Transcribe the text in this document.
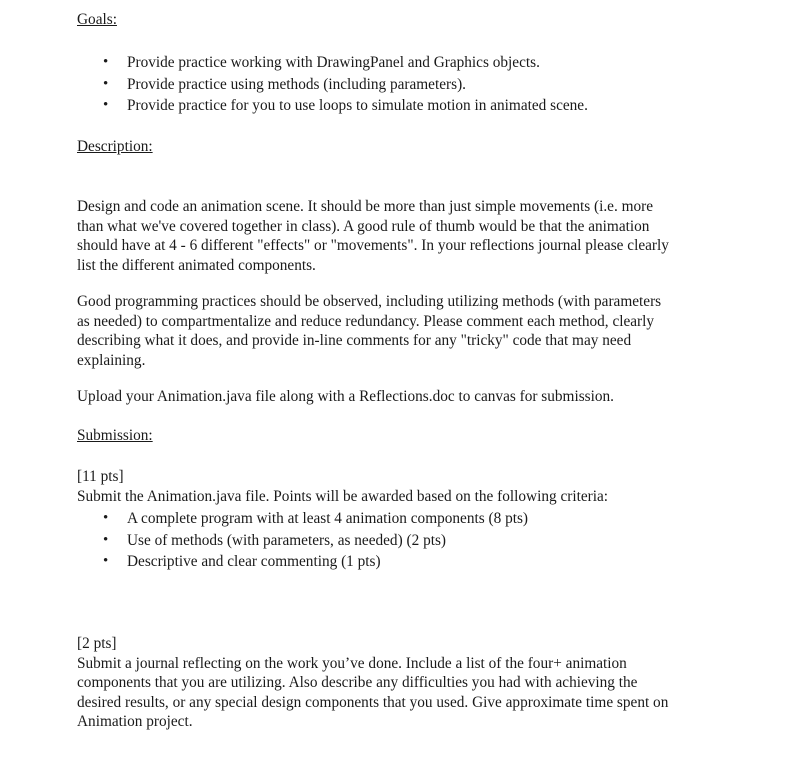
Goals:
• Provide practice working with DrawingPanel and Graphics objects.
• Provide practice using methods (including parameters).
• Provide practice for you to use loops to simulate motion in animated scene.
Description:
Design and code an animation scene. It should be more than just simple movements (i.e. more
than what we've covered together in class). A good rule of thumb would be that the animation
should have at 4 - 6 different "effects" or "movements". In your reflections journal please clearly
list the different animated components.
Good programming practices should be observed, including utilizing methods (with parameters
as needed) to compartmentalize and reduce redundancy. Please comment each method, clearly
describing what it does, and provide in-line comments for any "tricky" code that may need
explaining.
Upload your Animation.java file along with a Reflections.doc to canvas for submission.
Submission:
[11 pts]
Submit the Animation.java file. Points will be awarded based on the following criteria:
• A complete program with at least 4 animation components (8 pts)
• Use of methods (with parameters, as needed) (2 pts)
• Descriptive and clear commenting (1 pts)
[2 pts]
Submit a journal reflecting on the work you’ve done. Include a list of the four+ animation
components that you are utilizing. Also describe any difficulties you had with achieving the
desired results, or any special design components that you used. Give approximate time spent on
Animation project.
